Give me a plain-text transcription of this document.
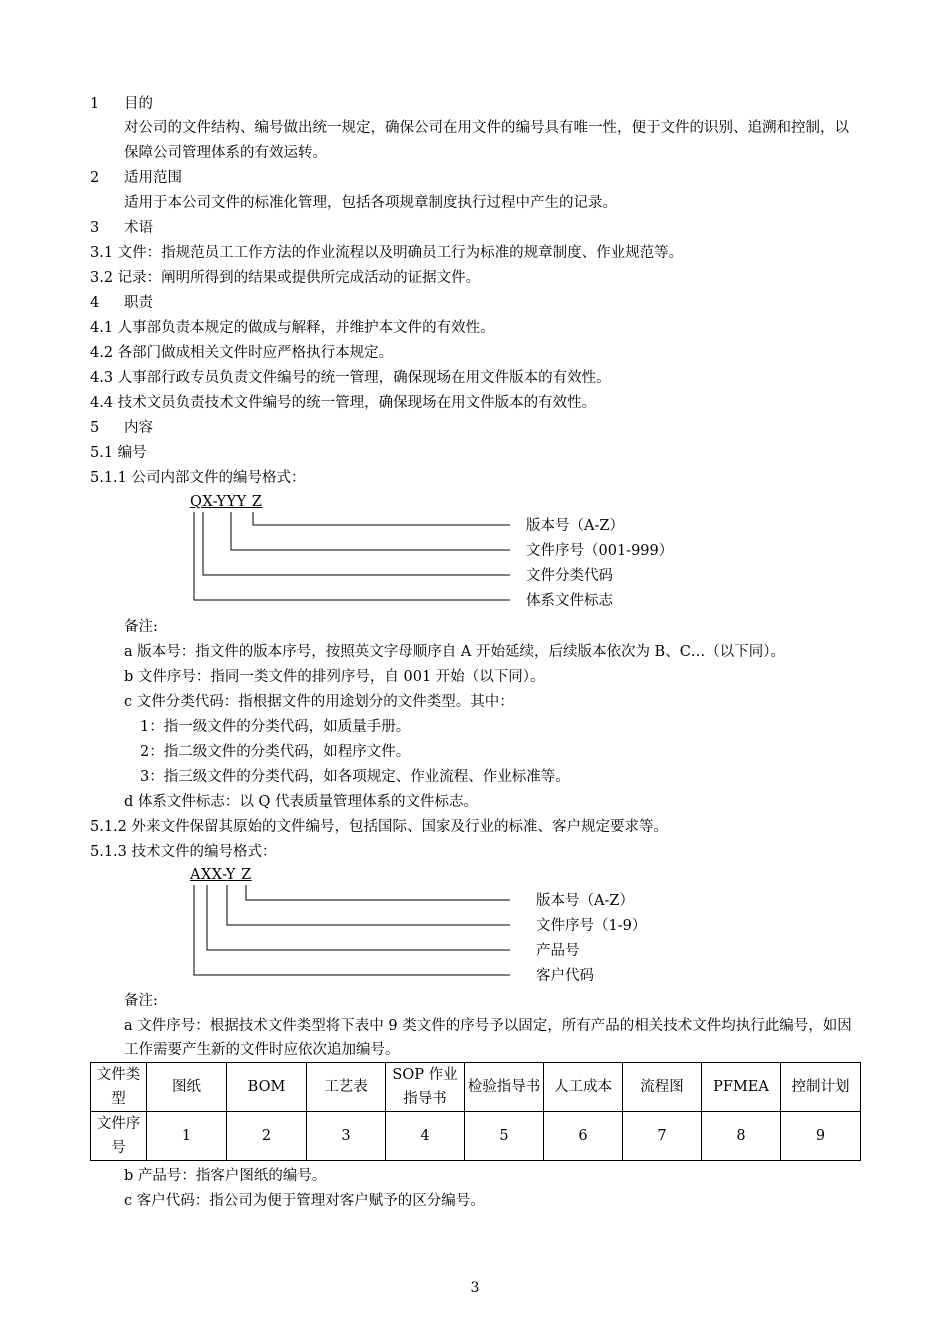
1 目的
对公司的文件结构、编号做出统一规定，确保公司在用文件的编号具有唯一性，便于文件的识别、追溯和控制，以保障公司管理体系的有效运转。
2 适用范围
适用于本公司文件的标准化管理，包括各项规章制度执行过程中产生的记录。
3 术语
3.1 文件：指规范员工工作方法的作业流程以及明确员工行为标准的规章制度、作业规范等。
3.2 记录：阐明所得到的结果或提供所完成活动的证据文件。
4 职责
4.1 人事部负责本规定的做成与解释，并维护本文件的有效性。
4.2 各部门做成相关文件时应严格执行本规定。
4.3 人事部行政专员负责文件编号的统一管理，确保现场在用文件版本的有效性。
4.4 技术文员负责技术文件编号的统一管理，确保现场在用文件版本的有效性。
5 内容
5.1 编号
5.1.1 公司内部文件的编号格式：
QX-YYY Z
版本号（A-Z）
文件序号（001-999）
文件分类代码
体系文件标志
备注:
a 版本号：指文件的版本序号，按照英文字母顺序自 A 开始延续，后续版本依次为 B、C…（以下同）。
b 文件序号：指同一类文件的排列序号，自 001 开始（以下同）。
c 文件分类代码：指根据文件的用途划分的文件类型。其中：
1：指一级文件的分类代码，如质量手册。
2：指二级文件的分类代码，如程序文件。
3：指三级文件的分类代码，如各项规定、作业流程、作业标准等。
d 体系文件标志：以 Q 代表质量管理体系的文件标志。
5.1.2 外来文件保留其原始的文件编号，包括国际、国家及行业的标准、客户规定要求等。
5.1.3 技术文件的编号格式：
AXX-Y Z
版本号（A-Z）
文件序号（1-9）
产品号
客户代码
备注:
a 文件序号：根据技术文件类型将下表中 9 类文件的序号予以固定，所有产品的相关技术文件均执行此编号，如因工作需要产生新的文件时应依次追加编号。
文件类型	图纸	BOM	工艺表	SOP 作业指导书	检验指导书	人工成本	流程图	PFMEA	控制计划
文件序号	1	2	3	4	5	6	7	8	9
b 产品号：指客户图纸的编号。
c 客户代码：指公司为便于管理对客户赋予的区分编号。
3
